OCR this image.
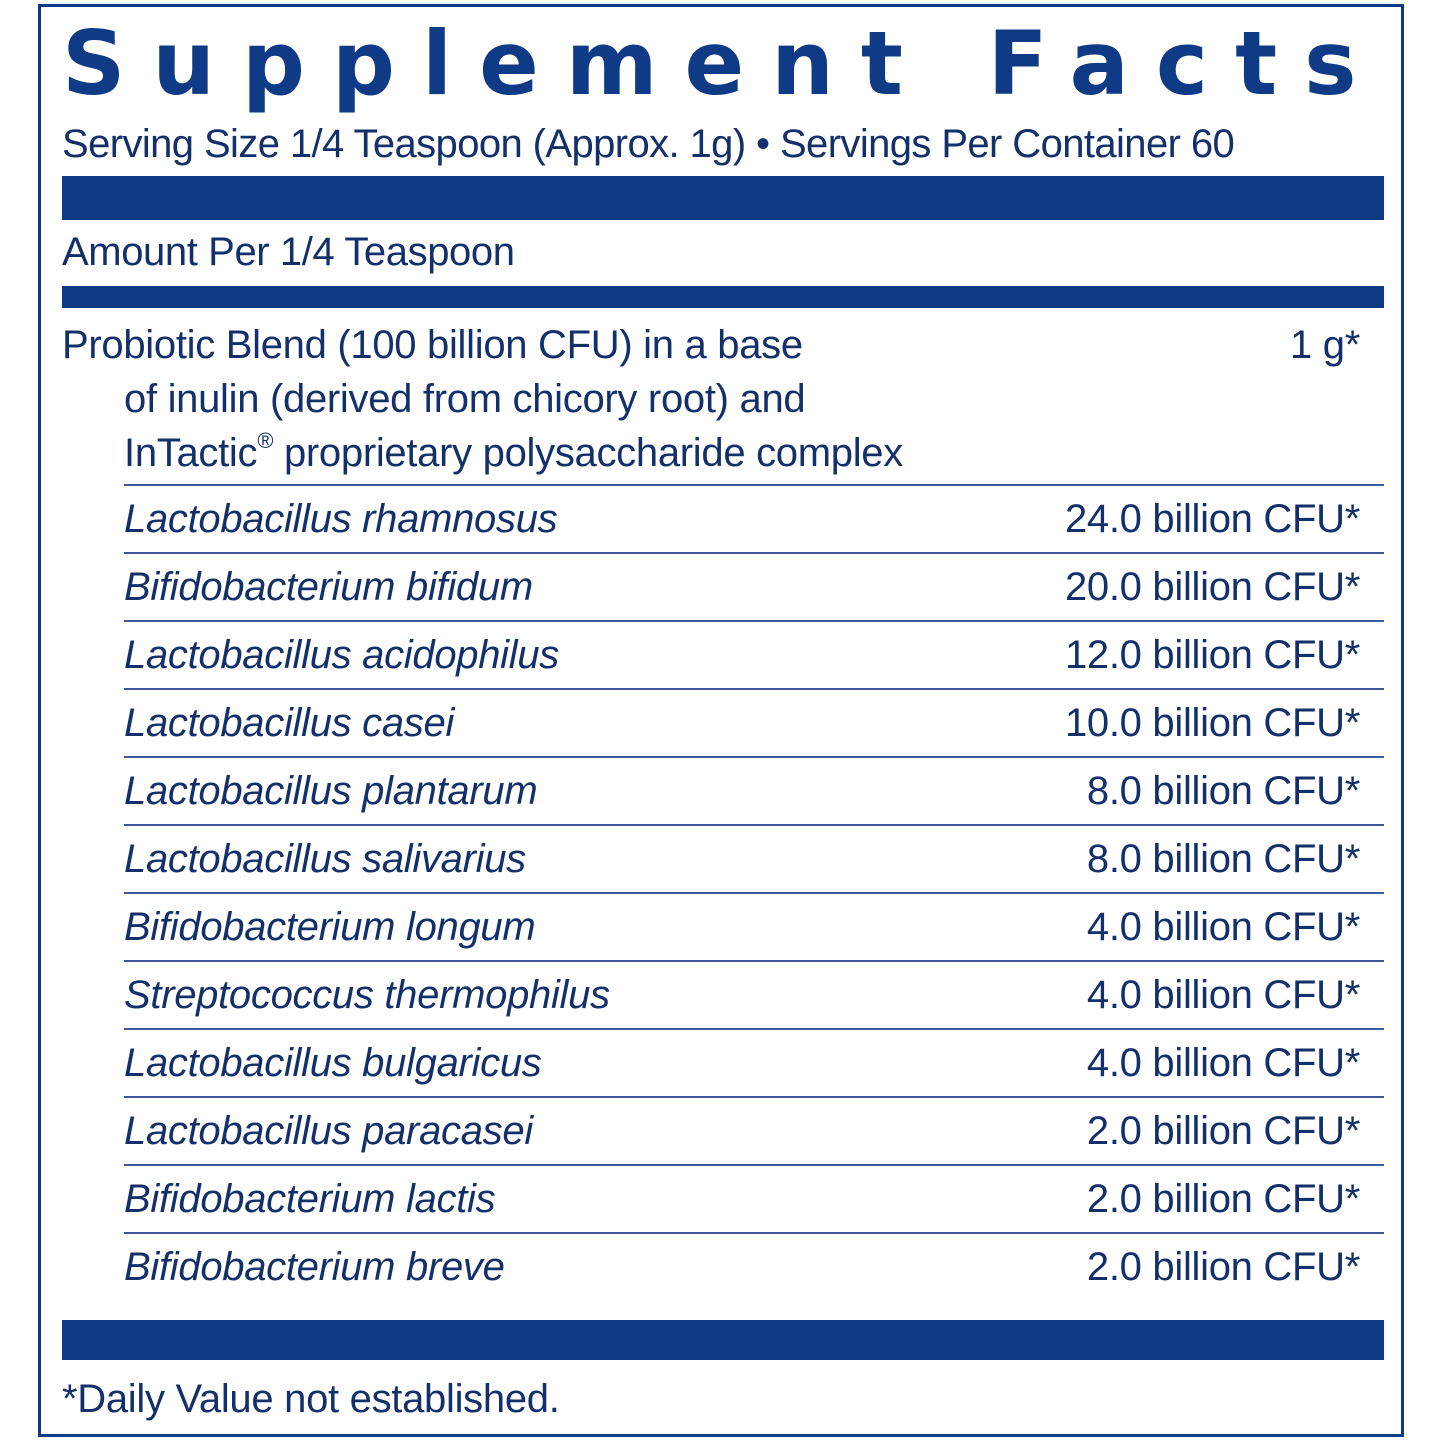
Supplement Facts
Serving Size 1/4 Teaspoon (Approx. 1g) • Servings Per Container 60
Amount Per 1/4 Teaspoon
Probiotic Blend (100 billion CFU) in a base
of inulin (derived from chicory root) and
InTactic® proprietary polysaccharide complex
1 g*
Lactobacillus rhamnosus	24.0 billion CFU*
Bifidobacterium bifidum	20.0 billion CFU*
Lactobacillus acidophilus	12.0 billion CFU*
Lactobacillus casei	10.0 billion CFU*
Lactobacillus plantarum	8.0 billion CFU*
Lactobacillus salivarius	8.0 billion CFU*
Bifidobacterium longum	4.0 billion CFU*
Streptococcus thermophilus	4.0 billion CFU*
Lactobacillus bulgaricus	4.0 billion CFU*
Lactobacillus paracasei	2.0 billion CFU*
Bifidobacterium lactis	2.0 billion CFU*
Bifidobacterium breve	2.0 billion CFU*
*Daily Value not established.
